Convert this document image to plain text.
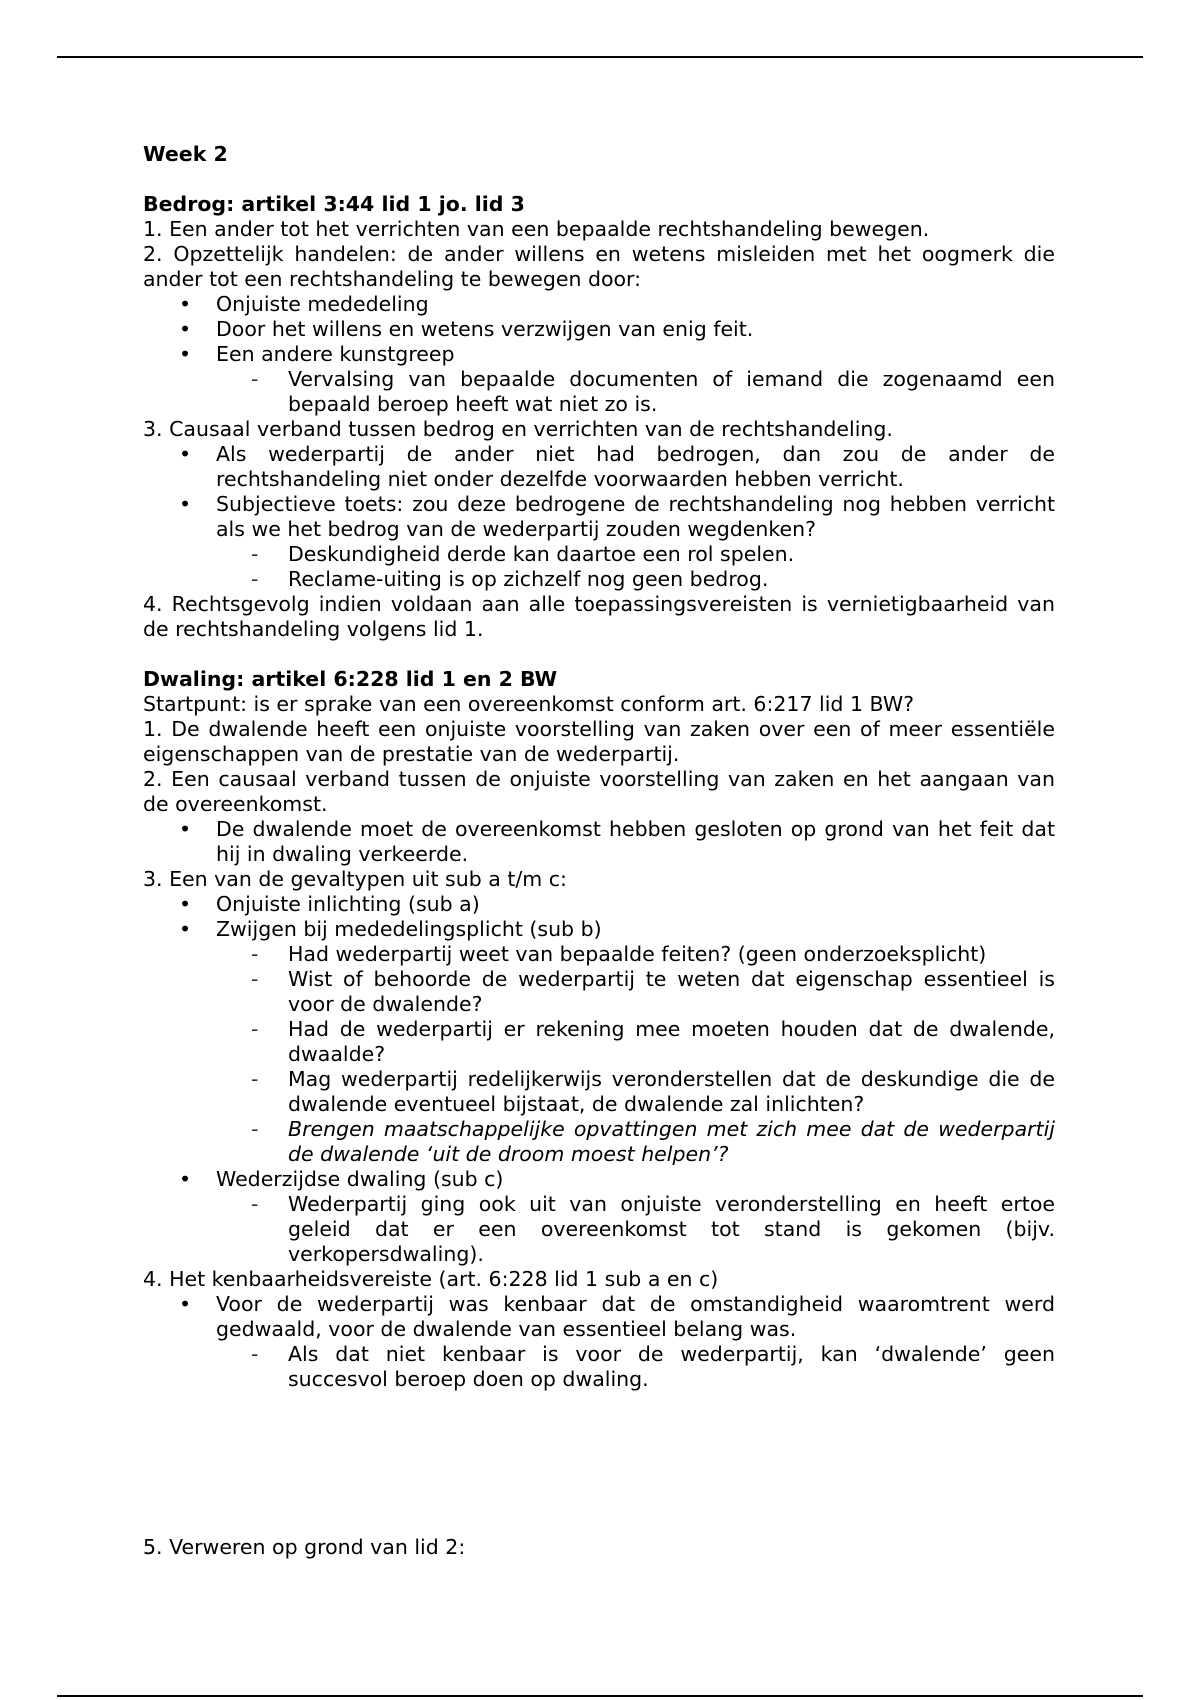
Week 2
Bedrog: artikel 3:44 lid 1 jo. lid 3
1. Een ander tot het verrichten van een bepaalde rechtshandeling bewegen.
2. Opzettelijk handelen: de ander willens en wetens misleiden met het oogmerk die ander tot een rechtshandeling te bewegen door:
• Onjuiste mededeling
• Door het willens en wetens verzwijgen van enig feit.
• Een andere kunstgreep
- Vervalsing van bepaalde documenten of iemand die zogenaamd een bepaald beroep heeft wat niet zo is.
3. Causaal verband tussen bedrog en verrichten van de rechtshandeling.
• Als wederpartij de ander niet had bedrogen, dan zou de ander de rechtshandeling niet onder dezelfde voorwaarden hebben verricht.
• Subjectieve toets: zou deze bedrogene de rechtshandeling nog hebben verricht als we het bedrog van de wederpartij zouden wegdenken?
- Deskundigheid derde kan daartoe een rol spelen.
- Reclame-uiting is op zichzelf nog geen bedrog.
4. Rechtsgevolg indien voldaan aan alle toepassingsvereisten is vernietigbaarheid van de rechtshandeling volgens lid 1.
Dwaling: artikel 6:228 lid 1 en 2 BW
Startpunt: is er sprake van een overeenkomst conform art. 6:217 lid 1 BW?
1. De dwalende heeft een onjuiste voorstelling van zaken over een of meer essentiële eigenschappen van de prestatie van de wederpartij.
2. Een causaal verband tussen de onjuiste voorstelling van zaken en het aangaan van de overeenkomst.
• De dwalende moet de overeenkomst hebben gesloten op grond van het feit dat hij in dwaling verkeerde.
3. Een van de gevaltypen uit sub a t/m c:
• Onjuiste inlichting (sub a)
• Zwijgen bij mededelingsplicht (sub b)
- Had wederpartij weet van bepaalde feiten? (geen onderzoeksplicht)
- Wist of behoorde de wederpartij te weten dat eigenschap essentieel is voor de dwalende?
- Had de wederpartij er rekening mee moeten houden dat de dwalende, dwaalde?
- Mag wederpartij redelijkerwijs veronderstellen dat de deskundige die de dwalende eventueel bijstaat, de dwalende zal inlichten?
- Brengen maatschappelijke opvattingen met zich mee dat de wederpartij de dwalende ‘uit de droom moest helpen’?
• Wederzijdse dwaling (sub c)
- Wederpartij ging ook uit van onjuiste veronderstelling en heeft ertoe geleid dat er een overeenkomst tot stand is gekomen (bijv. verkopersdwaling).
4. Het kenbaarheidsvereiste (art. 6:228 lid 1 sub a en c)
• Voor de wederpartij was kenbaar dat de omstandigheid waaromtrent werd gedwaald, voor de dwalende van essentieel belang was.
- Als dat niet kenbaar is voor de wederpartij, kan ‘dwalende’ geen succesvol beroep doen op dwaling.
5. Verweren op grond van lid 2:
